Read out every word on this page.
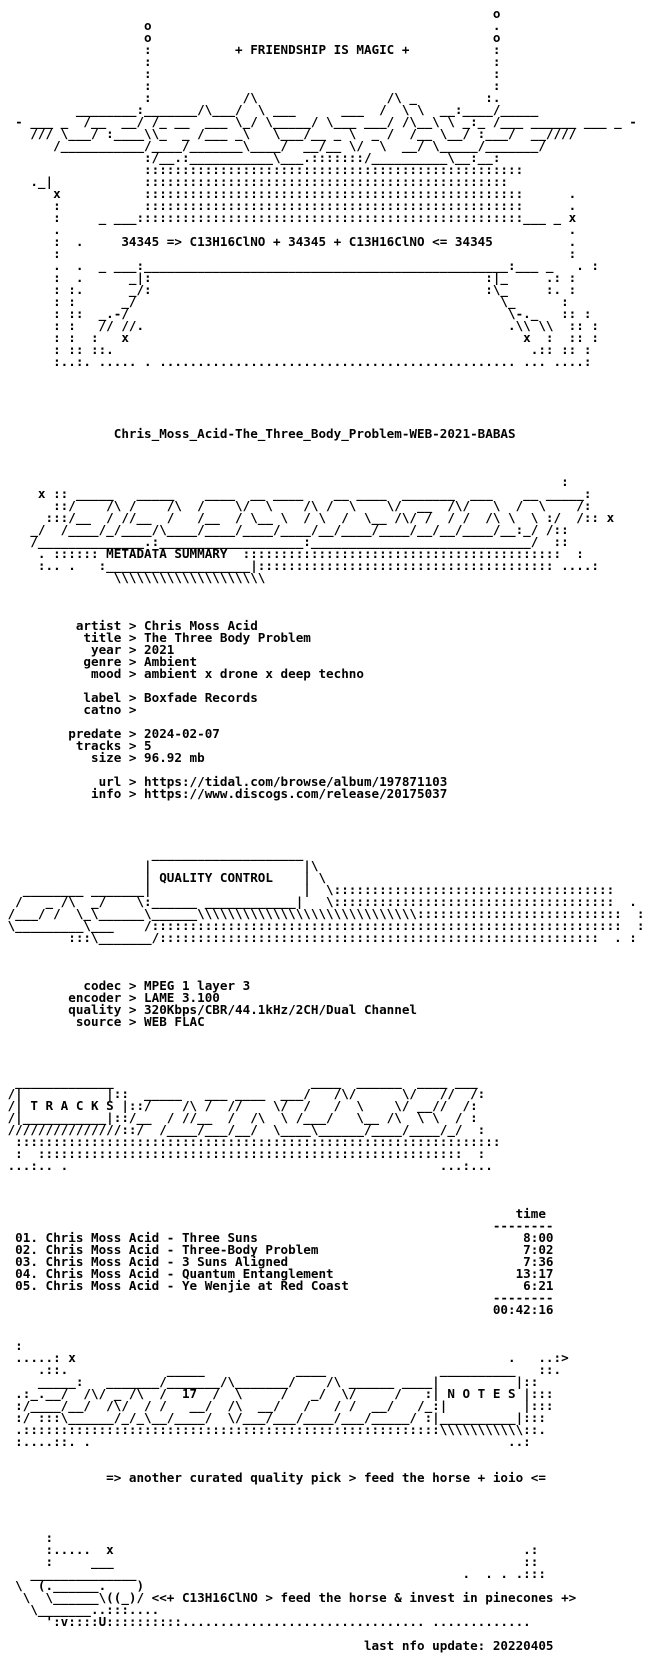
o
o                                             .
o                                             o
:           + FRIENDSHIP IS MAGIC +           :
:                                             :
:                                             :
:                                             :
:            /\                 /\ _         :.
________:_______/\___/  \ ___      ___  /  \ \  __:____/_____
- ___ _  /__  __/ /_ __  ___ \_/ \_____/ \___ ___/ /\__\ \ _:_ /___ ______ ___ _ -
/// \___/ :____\\_  _ /___ _\   \___/__ _ \  _ /  /__ \__/ :___/  __////
/___________/____/_______\____/  __/__ \/  \  __/ \_____/_______/
:/__.:___________\___.:::::::/__________\__:__:
::::::::::::::::::::::::::::::::::::::::::::::::::
._|            ::::::::::::::::::::::::::::::::::::::::::::::::
x           ::::::::::::::::::::::::::::::::::::::::::::::::::      .
:           ::::::::::::::::::::::::::::::::::::::::::::::::::      .
:     _ ___:::::::::::::::::::::::::::::::::::::::::::::::::::___ _ x
.                                                                   .
:  .     34345 => C13H16ClNO + 34345 + C13H16ClNO <= 34345          .
:                                                                   :
.  .  _ ___:________________________________________________:___ _   . :
:  .      _|:                                            :|_     .: :
: :.      _/:                                            :\_     :. :
: :      _/                                                \_      :
: ::  _.-/                                                  \-._   :: :
: :   // //.                                                .\\ \\  :: :
: :  :   x                                                    x  :  :: :
: :: ::.                                                       .:: :: :
:..:. ..... . ............................................... ... ....:

Chris_Moss_Acid-The_Three_Body_Problem-WEB-2021-BABAS

:
x :: _____   _____    ____  __ ____    __ ____  _______  ___    __ _____:
::/    /\ /    /\  /    \/  \    /\ /  \    \/  __  /\/   \  /  \    /:
:::/__  / //__  /   /__  / \__ \  / \  /  \__ /\/ /  / /  /\ \  \ :/  /:: x
_/  /____/_/____/\____/____/____/____/__/____/____/__/__/____/__:_/ /::
/______________.:___________________:_____________________________/  ::
. :::::: METADATA SUMMARY  ::::::::::::::::::::::::::::::::::::::::::  :
:.. .   :___________________|::::::::::::::::::::::::::::::::::::::: ....:
\\\\\\\\\\\\\\\\\\\\

artist > Chris Moss Acid
title > The Three Body Problem
year > 2021
genre > Ambient
mood > ambient x drone x deep techno

label > Boxfade Records
catno >

predate > 2024-02-07
tracks > 5
size > 96.92 mb

url > https://tidal.com/browse/album/197871103
info > https://www.discogs.com/release/20175037

____________________
|                    |\
| QUALITY CONTROL    | \
________ _______|                    |  \:::::::::::::::::::::::::::::::::::::
/   _ /\  _/    \:______ ____________|   \:::::::::::::::::::::::::::::::::::::  .
/___/ /  \_\______\______\\\\\\\\\\\\\\\\\\\\\\\\\\\\\:::::::::::::::::::::::::::  :
\_________\___    /::::::::::::::::::::::::::::::::::::::::::::::::::::::::::::::  :
:::\_______/::::::::::::::::::::::::::::::::::::::::::::::::::::::::::  . :

codec > MPEG 1 layer 3
encoder > LAME 3.100
quality > 320Kbps/CBR/44.1kHz/2CH/Dual Channel
source > WEB FLAC

_____________                          ____  ______  ____ ___
/|           |::  _____   ___ ____  ___/   /\/      \/   //  /:
/| T R A C K S |::/    /\ /  //    \/  /   /  \    \/ __//  /:
/|___________|::/__  / //__  /  /\  \ /___/   \__ /\  \ \  / :
///////////////::/  /____/___/__/  \____\______/____/____/_/  :
::::::::::::::::::::::::::::::::::::::::::::::::::::::::::::::::
:  ::::::::::::::::::::::::::::::::::::::::::::::::::::::::  :
...:.. .                                                 ...:...

time
--------
01. Chris Moss Acid - Three Suns                                   8:00
02. Chris Moss Acid - Three-Body Problem                           7:02
03. Chris Moss Acid - 3 Suns Aligned                               7:36
04. Chris Moss Acid - Quantum Entanglement                        13:17
05. Chris Moss Acid - Ye Wenjie at Red Coast                       6:21
--------
00:42:16

:
.....: x                                                         .   ..:>
.::.             _____            ____               __________   ::.
_____:   _______/_______/\_______/    /\ ______ ____|          |::
.:_.__/  /\/ _ /\  /  17  /  \     /   _/  \/     /   :| N O T E S |:::
:/____/__/  /\/  / /   __/  /\  __/   /   / /  __/   /_:|          |:::
:/ :::\______/_/_\__/____/  \/___/___/____/___/_____/ :|__________|:::
.:::::::::::::::::::::::::::::::::::::::::::::::::::::::\\\\\\\\\\\::.
:....::. .                                                       ..:

=> another curated quality pick > feed the horse + ioio <=

:
:.....  x                                                      .:
:     ___                                                      ::
______________                                           .  . . .:::
\  (.______.    )
\  \______\((_)/ <<+ C13H16ClNO > feed the horse & invest in pinecones +>
\_______..:::....
':v::::U::::::::::................................ .............

last nfo update: 20220405
